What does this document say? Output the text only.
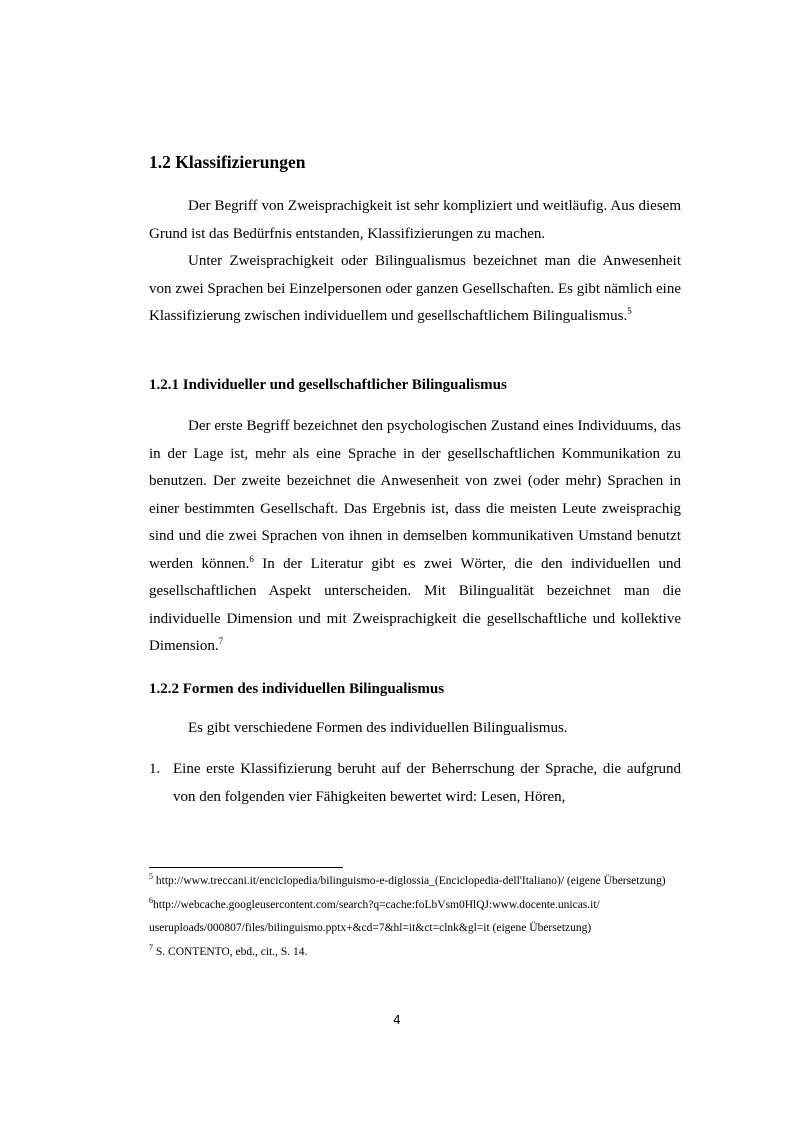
1.2 Klassifizierungen

Der Begriff von Zweisprachigkeit ist sehr kompliziert und weitläufig. Aus diesem Grund ist das Bedürfnis entstanden, Klassifizierungen zu machen.

Unter Zweisprachigkeit oder Bilingualismus bezeichnet man die Anwesenheit von zwei Sprachen bei Einzelpersonen oder ganzen Gesellschaften. Es gibt nämlich eine Klassifizierung zwischen individuellem und gesellschaftlichem Bilingualismus.$^5$

1.2.1 Individueller und gesellschaftlicher Bilingualismus

Der erste Begriff bezeichnet den psychologischen Zustand eines Individuums, das in der Lage ist, mehr als eine Sprache in der gesellschaftlichen Kommunikation zu benutzen. Der zweite bezeichnet die Anwesenheit von zwei (oder mehr) Sprachen in einer bestimmten Gesellschaft. Das Ergebnis ist, dass die meisten Leute zweisprachig sind und die zwei Sprachen von ihnen in demselben kommunikativen Umstand benutzt werden können.$^6$ In der Literatur gibt es zwei Wörter, die den individuellen und gesellschaftlichen Aspekt unterscheiden. Mit Bilingualität bezeichnet man die individuelle Dimension und mit Zweisprachigkeit die gesellschaftliche und kollektive Dimension.$^7$

1.2.2 Formen des individuellen Bilingualismus

Es gibt verschiedene Formen des individuellen Bilingualismus.

1. Eine erste Klassifizierung beruht auf der Beherrschung der Sprache, die aufgrund von den folgenden vier Fähigkeiten bewertet wird: Lesen, Hören,

$^5$ http://www.treccani.it/enciclopedia/bilinguismo-e-diglossia_(Enciclopedia-dell'Italiano)/ (eigene Übersetzung)

$^6$http://webcache.googleusercontent.com/search?q=cache:foLbVsm0HlQJ:www.docente.unicas.it/ useruploads/000807/files/bilinguismo.pptx+&cd=7&hl=it&ct=clnk&gl=it (eigene Übersetzung)

$^7$ S. CONTENTO, ebd., cit., S. 14.

4
